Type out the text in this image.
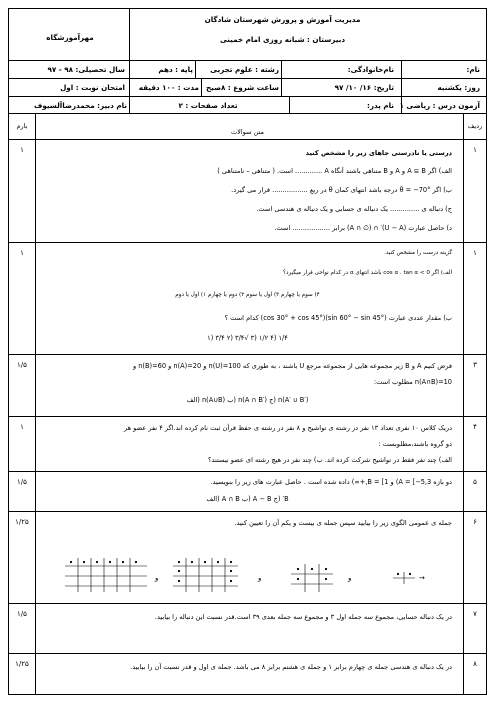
مدیریت آموزش و پرورش شهرستان شادگان
دبیرستان : شبانه روزی امام خمینی
مهرآموزشگاه
نام:
نام‌خانوادگی:
رشته : علوم تجربی
پایه : دهم
سال تحصیلی: ۹۸ - ۹۷
روز: یکشنبه
تاریخ: ۱۶/ ۱۰/ ۹۷
ساعت شروع : ۸صبح
مدت : ۱۰۰ دقیقه
امتحان نوبت : اول
آزمون درس : ریاضی ۱
نام پدر:
تعداد صفحات : ۲
نام دبیر: محمدرضاآلسیوف
ردیف
متن سوالات
بارم
۱
۱	درستی یا نادرستی جاهای زیر را مشخص کنید
الف) اگر A ⊆ B و A و B متناهی باشند آنگاه A ............. است. ( متناهی – نامتناهی )
ب) اگر θ = −70° درجه باشد انتهای کمان θ در ربع ................. قرار می گیرد.
ج) دنباله ی .............. یک دنباله ی حسابی و یک دنباله ی هندسی است.
د) حاصل عبارت (U − A)′ ∩ (∅ ∩ A) برابر .................. است.
۱
۱	گزینه درست را مشخص کنید.
الف) اگر cos α . tan α < 0 باشد انتهای α در کدام نواحی قرار میگیرد؟
۴) سوم یا چهارم ۳) اول یا سوم ۲) دوم یا چهارم ۱) اول یا دوم
ب) مقدار عددی عبارت (sin 60° − sin 45°)(cos 30° + cos 45°) کدام است ؟
۱/۴ (۴ ۱/۲ (۳ √۳/۴ (۲ ۳/۴ (۱
۳
۱/۵	فرض کنیم A و B زیر مجموعه هایی از مجموعه مرجع U باشند ، به طوری که n(U)=100 و n(A)=20 و n(B)=60 و
n(A∩B)=10 مطلوب است:
n(A′ ∪ B′) (ج n(A ∩ B′) (ب n(A∪B) (الف
۴
۱	دریک کلاس ۱۰ نفری تعداد ۱۳ نفر در رشته ی تواشیح و ۸ نفر در رشته ی حفظ قرآن ثبت نام کرده اند.اگر ۴ نفر عضو هر
دو گروه باشند،مطلوبست :
الف) چند نفر فقط در تواشیح شرکت کرده اند. ب) چند نفر در هیچ رشته ای عضو نیستند؟
۵
۱/۵	دو بازه A = [−5,3) و B = [1,+∞) داده شده است . حاصل عبارت های زیر را بنویسید.
B′ (ج A − B (ب A ∩ B (الف
۶
۱/۲۵	جمله ی عمومی الگوی زیر را بیابید سپس جمله ی بیست و یکم آن را تعیین کنید.
→
و
و
و
۷
۱/۵	در یک دنباله حسابی، مجموع سه جمله اول ۳ و مجموع سه جمله بعدی ۳۹ است.قدر نسبت این دنباله را بیابید.
۸
۱/۲۵	در یک دنباله ی هندسی جمله ی چهارم برابر ۱ و جمله ی هشتم برابر ۸ می باشد. جمله ی اول و قدر نسبت آن را بیابید.
